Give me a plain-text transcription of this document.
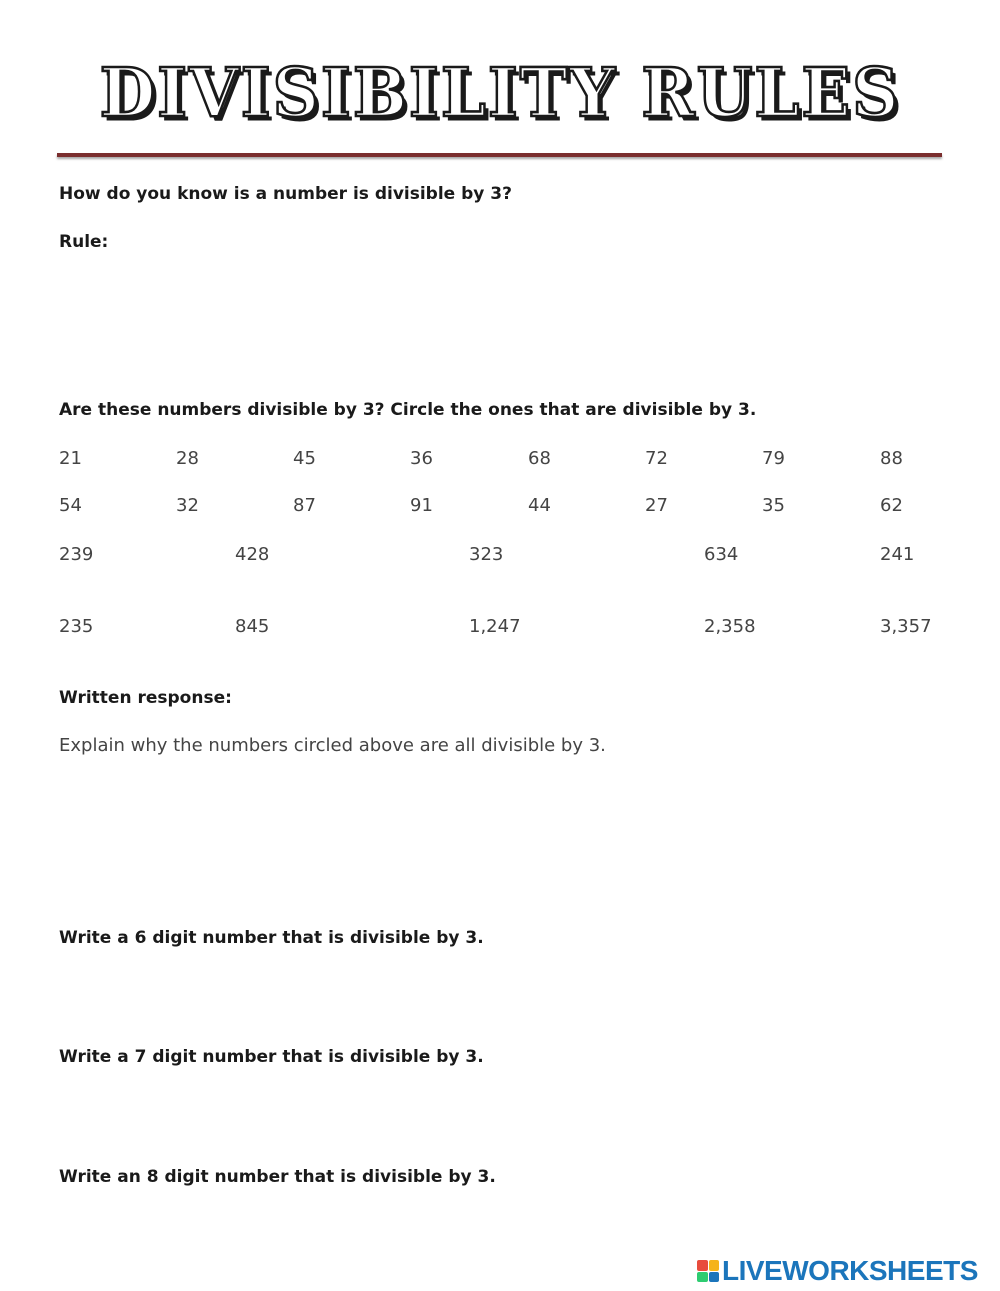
DIVISIBILITY RULES
How do you know is a number is divisible by 3?
Rule:
Are these numbers divisible by 3? Circle the ones that are divisible by 3.
21	28	45	36	68	72	79	88
54	32	87	91	44	27	35	62
239	428	323	634	241
235	845	1,247	2,358	3,357
Written response:
Explain why the numbers circled above are all divisible by 3.
Write a 6 digit number that is divisible by 3.
Write a 7 digit number that is divisible by 3.
Write an 8 digit number that is divisible by 3.
LIVEWORKSHEETS
